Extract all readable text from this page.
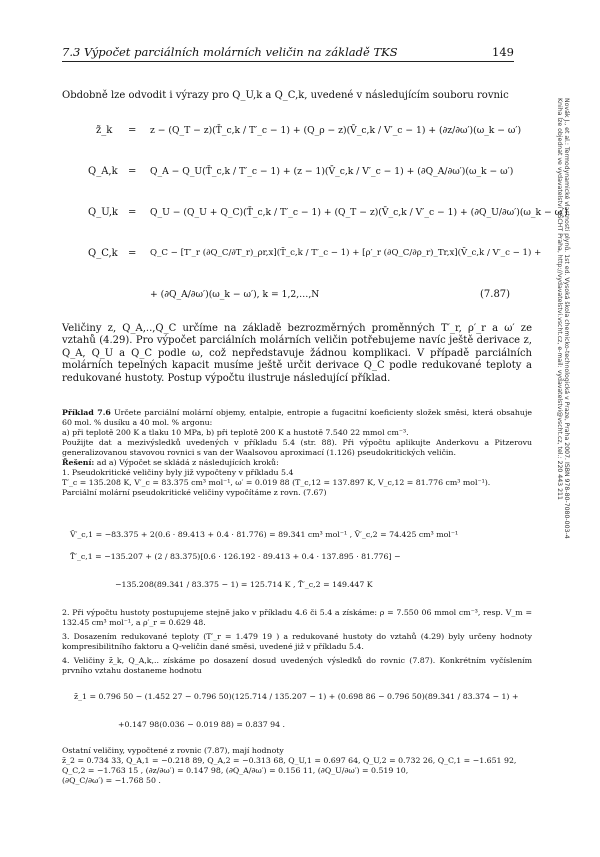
7.3 Výpočet parciálních molárních veličin na základě TKS	149
Novák J., et al.: Termodynamické vlastnosti plynů. 1st ed. Vysoká škola chemicko-technologická v Praze, Praha 2007. ISBN 978-80-7080-003-4
Kniha lze objednat ve vydavatelství VŠCHT Praha, http://vydavatelstvi.vscht.cz, e-mail: vydavatelstvi@vscht.cz, tel.: 220 443 211
Obdobně lze odvodit i výrazy pro Q_U,k a Q_C,k, uvedené v následujícím souboru rovnic
z̃_k = z − (Q_T − z)(T̄_c,k / T′_c − 1) + (Q_ρ − z)(V̄_c,k / V′_c − 1) + (∂z/∂ω′)(ω_k − ω′)
Q_A,k = Q_A − Q_U(T̄_c,k / T′_c − 1) + (z − 1)(V̄_c,k / V′_c − 1) + (∂Q_A/∂ω′)(ω_k − ω′)
Q_U,k = Q_U − (Q_U + Q_C)(T̄_c,k / T′_c − 1) + (Q_T − z)(V̄_c,k / V′_c − 1) + (∂Q_U/∂ω′)(ω_k − ω′)
Q_C,k = Q_C − [T′_r (∂Q_C/∂T_r)_ρr,x](T̄_c,k / T′_c − 1) + [ρ′_r (∂Q_C/∂ρ_r)_Tr,x](V̄_c,k / V′_c − 1) +
+ (∂Q_A/∂ω′)(ω_k − ω′), k = 1,2,…,N	(7.87)
Veličiny z, Q_A,..,Q_C určíme na základě bezrozměrných proměnných T′_r, ρ′_r a ω′ ze vztahů (4.29). Pro výpočet parciálních molárních veličin potřebujeme navíc ještě derivace z, Q_A, Q_U a Q_C podle ω, což nepředstavuje žádnou komplikaci. V případě parciálních molárních tepelných kapacit musíme ještě určit derivace Q_C podle redukované teploty a redukované hustoty. Postup výpočtu ilustruje následující příklad.
Příklad 7.6 Určete parciální molární objemy, entalpie, entropie a fugacitní koeficienty složek směsi, která obsahuje 60 mol. % dusíku a 40 mol. % argonu:
a) při teplotě 200 K a tlaku 10 MPa, b) při teplotě 200 K a hustotě 7.540 22 mmol cm⁻³.
Použijte dat a mezivýsledků uvedených v příkladu 5.4 (str. 88). Při výpočtu aplikujte Anderkovu a Pitzerovu generalizovanou stavovou rovnici s van der Waalsovou aproximací (1.126) pseudokritických veličin.
Řešení: ad a) Výpočet se skládá z následujících kroků:
1. Pseudokritické veličiny byly již vypočteny v příkladu 5.4
T′_c = 135.208 K, V′_c = 83.375 cm³ mol⁻¹, ω′ = 0.019 88 (T_c,12 = 137.897 K, V_c,12 = 81.776 cm³ mol⁻¹).
Parciální molární pseudokritické veličiny vypočítáme z rovn. (7.67)
V̄′_c,1 = −83.375 + 2(0.6 · 89.413 + 0.4 · 81.776) = 89.341 cm³ mol⁻¹ , V̄′_c,2 = 74.425 cm³ mol⁻¹
T̄′_c,1 = −135.207 + (2 / 83.375)[0.6 · 126.192 · 89.413 + 0.4 · 137.895 · 81.776] −
−135.208(89.341 / 83.375 − 1) = 125.714 K , T̄′_c,2 = 149.447 K
2. Při výpočtu hustoty postupujeme stejně jako v příkladu 4.6 či 5.4 a získáme: ρ = 7.550 06 mmol cm⁻³, resp. V_m = 132.45 cm³ mol⁻¹, a ρ′_r = 0.629 48.
3. Dosazením redukované teploty (T′_r = 1.479 19 ) a redukované hustoty do vztahů (4.29) byly určeny hodnoty kompresibilitního faktoru a Q-veličin dané směsi, uvedené již v příkladu 5.4.
4. Veličiny z̃_k, Q_A,k,.. získáme po dosazení dosud uvedených výsledků do rovnic (7.87). Konkrétním vyčíslením prvního vztahu dostaneme hodnotu
z̃_1 = 0.796 50 − (1.452 27 − 0.796 50)(125.714 / 135.207 − 1) + (0.698 86 − 0.796 50)(89.341 / 83.374 − 1) +
+0.147 98(0.036 − 0.019 88) = 0.837 94 .
Ostatní veličiny, vypočtené z rovnic (7.87), mají hodnoty
z̃_2 = 0.734 33, Q_A,1 = −0.218 89, Q_A,2 = −0.313 68, Q_U,1 = 0.697 64, Q_U,2 = 0.732 26, Q_C,1 = −1.651 92,
Q_C,2 = −1.763 15 , (∂z/∂ω′) = 0.147 98, (∂Q_A/∂ω′) = 0.156 11, (∂Q_U/∂ω′) = 0.519 10,
(∂Q_C/∂ω′) = −1.768 50 .
